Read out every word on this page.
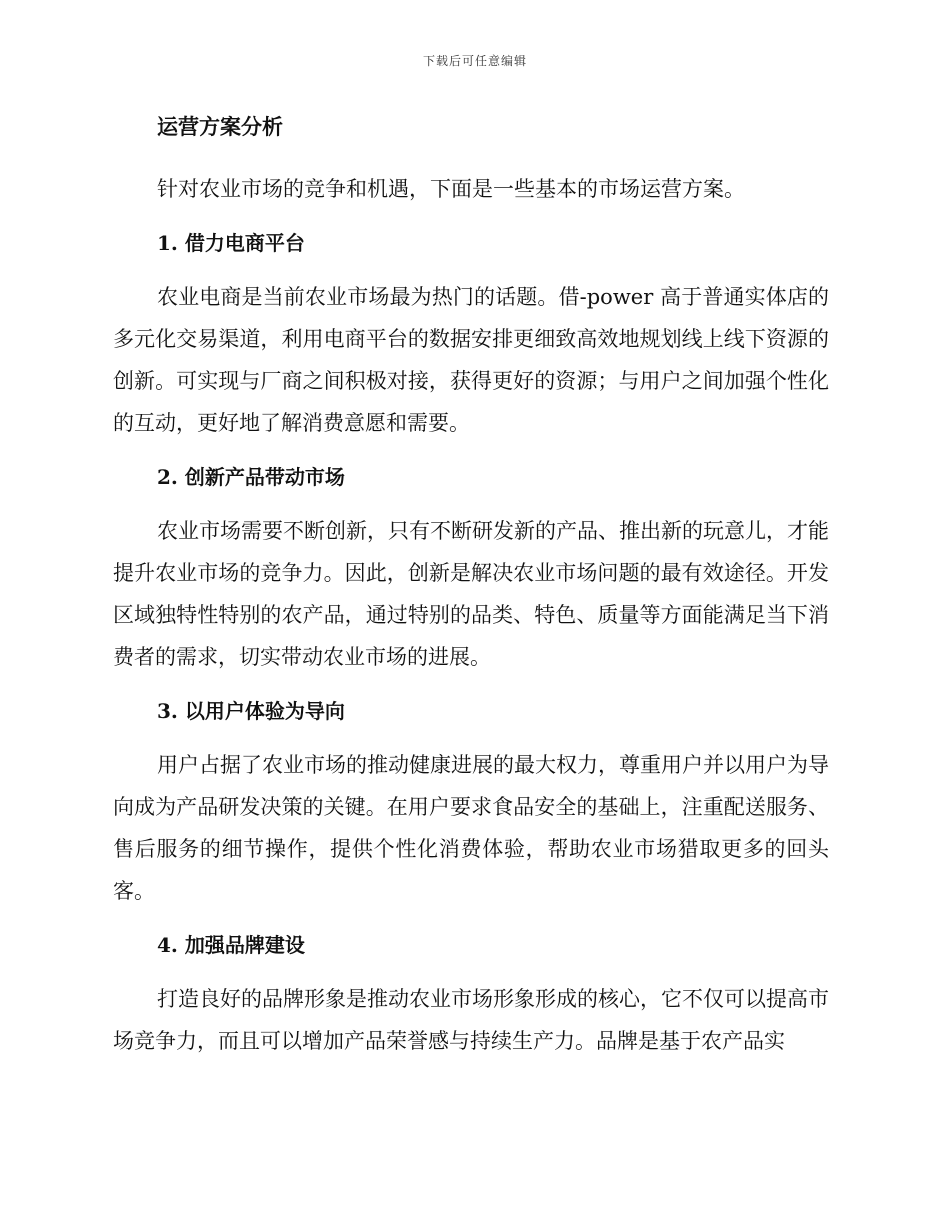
下载后可任意编辑
运营方案分析

针对农业市场的竞争和机遇，下面是一些基本的市场运营方案。

1. 借力电商平台

农业电商是当前农业市场最为热门的话题。借-power 高于普通实体店的多元化交易渠道，利用电商平台的数据安排更细致高效地规划线上线下资源的创新。可实现与厂商之间积极对接，获得更好的资源；与用户之间加强个性化的互动，更好地了解消费意愿和需要。

2. 创新产品带动市场

农业市场需要不断创新，只有不断研发新的产品、推出新的玩意儿，才能提升农业市场的竞争力。因此，创新是解决农业市场问题的最有效途径。开发区域独特性特别的农产品，通过特别的品类、特色、质量等方面能满足当下消费者的需求，切实带动农业市场的进展。

3. 以用户体验为导向

用户占据了农业市场的推动健康进展的最大权力，尊重用户并以用户为导向成为产品研发决策的关键。在用户要求食品安全的基础上，注重配送服务、售后服务的细节操作，提供个性化消费体验，帮助农业市场猎取更多的回头客。

4. 加强品牌建设

打造良好的品牌形象是推动农业市场形象形成的核心，它不仅可以提高市场竞争力，而且可以增加产品荣誉感与持续生产力。品牌是基于农产品实
